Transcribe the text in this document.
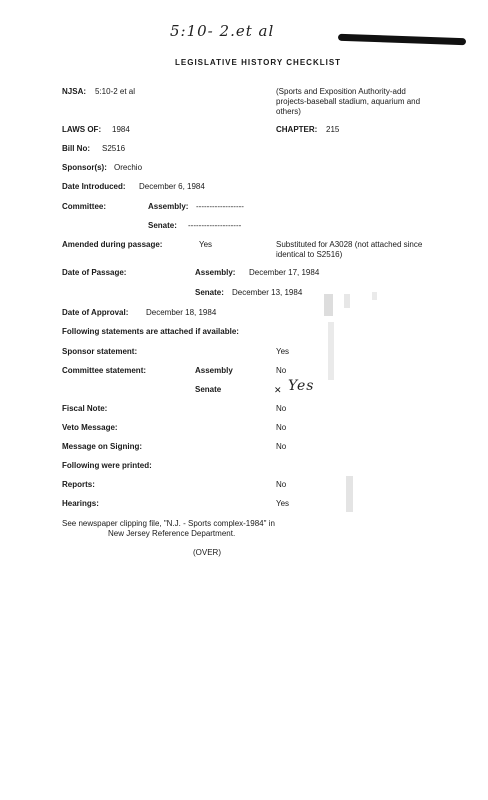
5:10- 2.et al
LEGISLATIVE HISTORY CHECKLIST
NJSA: 5:10-2 et al	(Sports and Exposition Authority-add projects-baseball stadium, aquarium and others)
LAWS OF: 1984	CHAPTER: 215
Bill No: S2516
Sponsor(s): Orechio
Date Introduced: December 6, 1984
Committee:	Assembly: ------------------
Senate: --------------------
Amended during passage:	Yes	Substituted for A3028 (not attached since identical to S2516)
Date of Passage:	Assembly: December 17, 1984
Senate: December 13, 1984
Date of Approval: December 18, 1984
Following statements are attached if available:
Sponsor statement:	Yes
Committee statement:	Assembly	No
Senate	✕ Yes
Fiscal Note:	No
Veto Message:	No
Message on Signing:	No
Following were printed:
Reports:	No
Hearings:	Yes
See newspaper clipping file, "N.J. - Sports complex-1984" in
New Jersey Reference Department.
(OVER)
